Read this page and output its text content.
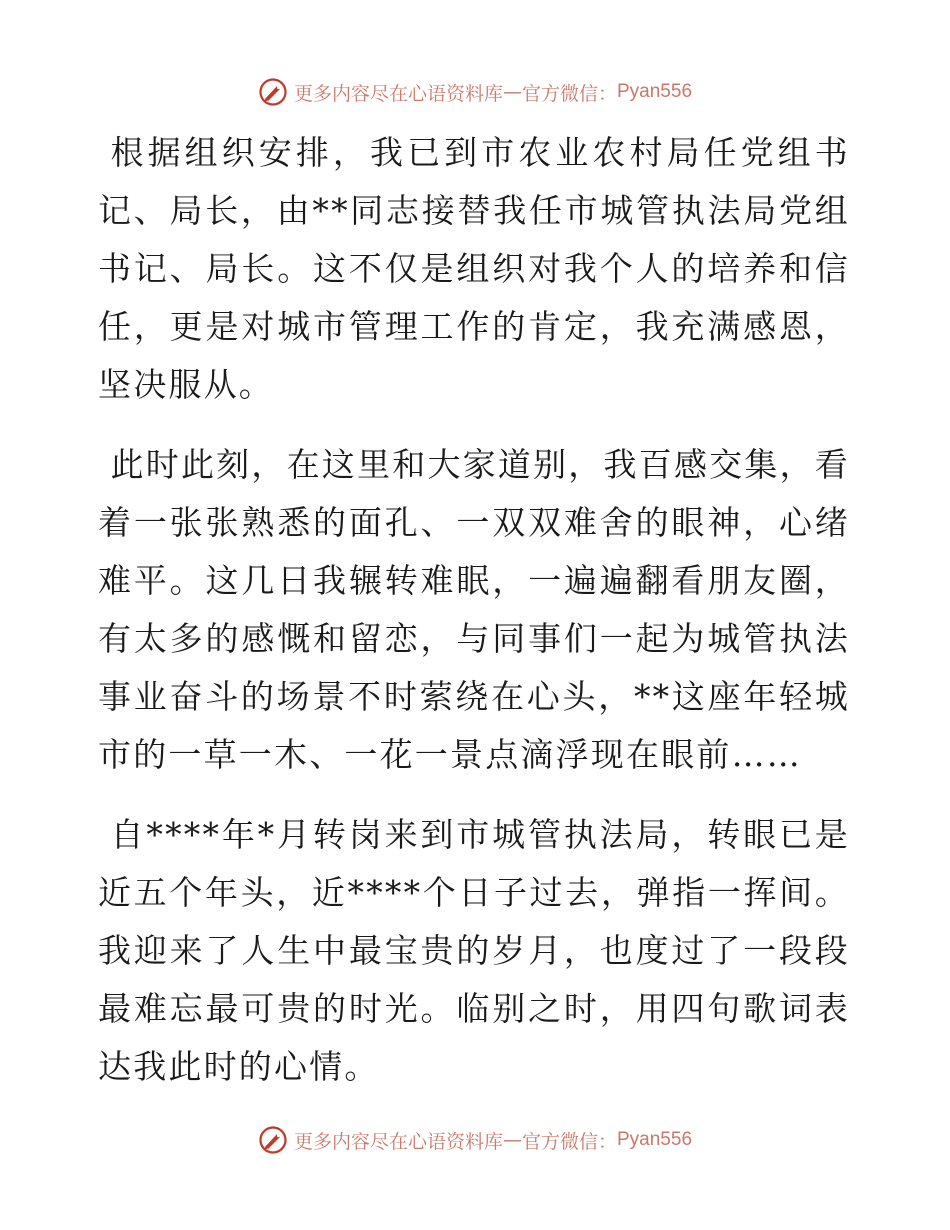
更多内容尽在心语资料库 — 官方微信： Pyan556

根据组织安排，我已到市农业农村局任党组书记、局长，由**同志接替我任市城管执法局党组书记、局长。这不仅是组织对我个人的培养和信任，更是对城市管理工作的肯定，我充满感恩，坚决服从。

此时此刻，在这里和大家道别，我百感交集，看着一张张熟悉的面孔、一双双难舍的眼神，心绪难平。这几日我辗转难眠，一遍遍翻看朋友圈，有太多的感慨和留恋，与同事们一起为城管执法事业奋斗的场景不时萦绕在心头，**这座年轻城市的一草一木、一花一景点滴浮现在眼前……

自****年*月转岗来到市城管执法局，转眼已是近五个年头，近****个日子过去，弹指一挥间。我迎来了人生中最宝贵的岁月，也度过了一段段最难忘最可贵的时光。临别之时，用四句歌词表达我此时的心情。

更多内容尽在心语资料库 — 官方微信： Pyan556
